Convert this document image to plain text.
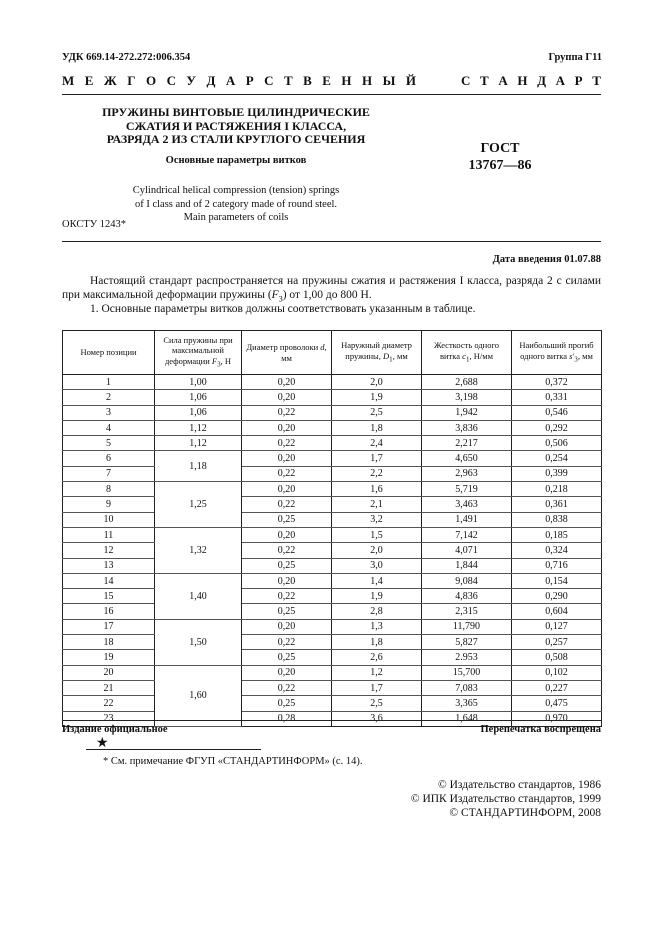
УДК 669.14-272.272:006.354	Группа Г11
М Е Ж Г О С У Д А Р С Т В Е Н Н Ы Й	С Т А Н Д А Р Т
ПРУЖИНЫ ВИНТОВЫЕ ЦИЛИНДРИЧЕСКИЕ
СЖАТИЯ И РАСТЯЖЕНИЯ I КЛАССА,
РАЗРЯДА 2 ИЗ СТАЛИ КРУГЛОГО СЕЧЕНИЯ
Основные параметры витков
ГОСТ
13767—86
Cylindrical helical compression (tension) springs
of I class and of 2 category made of round steel.
Main parameters of coils
ОКСТУ 1243*
Дата введения 01.07.88
Настоящий стандарт распространяется на пружины сжатия и растяжения I класса, разряда 2 с силами при максимальной деформации пружины $(F_3)$ от 1,00 до 800 Н.
1. Основные параметры витков должны соответствовать указанным в таблице.
Номер позиции	Сила пружины при максимальной деформации $F_3$, Н	Диаметр проволоки d, мм	Наружный диаметр пружины, $D_1$, мм	Жесткость одного витка $c_1$, Н/мм	Наибольший прогиб одного витка $s'_3$, мм
1	1,00	0,20	2,0	2,688	0,372
2	1,06	0,20	1,9	3,198	0,331
3	1,06	0,22	2,5	1,942	0,546
4	1,12	0,20	1,8	3,836	0,292
5	1,12	0,22	2,4	2,217	0,506
6	1,18	0,20	1,7	4,650	0,254
7		0,22	2,2	2,963	0,399
8	1,25	0,20	1,6	5,719	0,218
9		0,22	2,1	3,463	0,361
10		0,25	3,2	1,491	0,838
11	1,32	0,20	1,5	7,142	0,185
12		0,22	2,0	4,071	0,324
13		0,25	3,0	1,844	0,716
14	1,40	0,20	1,4	9,084	0,154
15		0,22	1,9	4,836	0,290
16		0,25	2,8	2,315	0,604
17	1,50	0,20	1,3	11,790	0,127
18		0,22	1,8	5,827	0,257
19		0,25	2,6	2.953	0,508
20	1,60	0,20	1,2	15,700	0,102
21		0,22	1,7	7,083	0,227
22		0,25	2,5	3,365	0,475
23		0,28	3,6	1,648	0,970
Издание официальное
★
Перепечатка воспрещена
* См. примечание ФГУП «СТАНДАРТИНФОРМ» (с. 14).
© Издательство стандартов, 1986
© ИПК Издательство стандартов, 1999
© СТАНДАРТИНФОРМ, 2008
